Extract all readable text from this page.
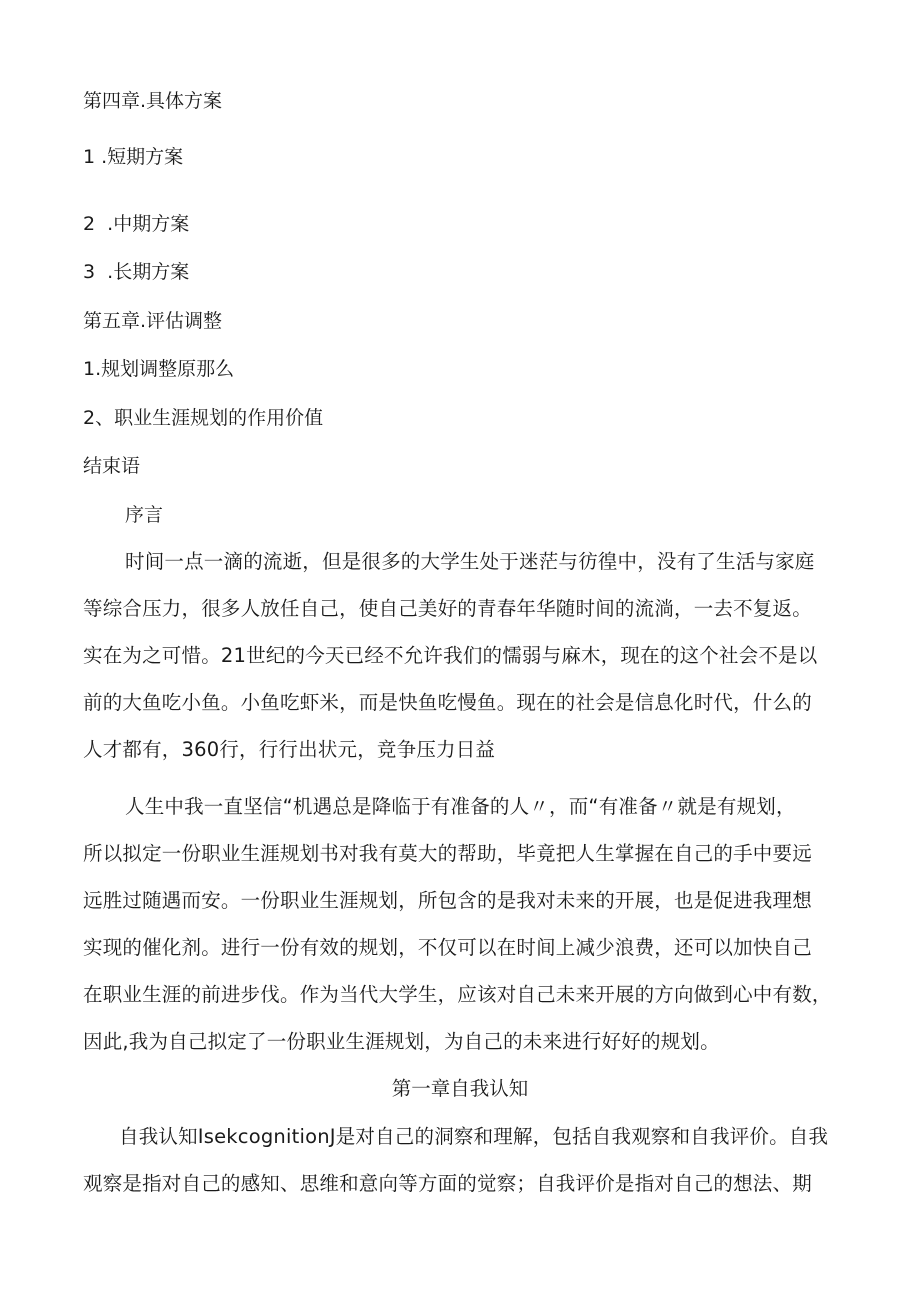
第四章.具体方案
1 .短期方案
2  .中期方案
3  .长期方案
第五章.评估调整
1.规划调整原那么
2、职业生涯规划的作用价值
结束语
序言
时间一点一滴的流逝，但是很多的大学生处于迷茫与彷徨中，没有了生活与家庭
等综合压力，很多人放任自己，使自己美好的青春年华随时间的流淌，一去不复返。
实在为之可惜。21世纪的今天已经不允许我们的懦弱与麻木，现在的这个社会不是以
前的大鱼吃小鱼。小鱼吃虾米，而是快鱼吃慢鱼。现在的社会是信息化时代，什么的
人才都有，360行，行行出状元，竞争压力日益
人生中我一直坚信“机遇总是降临于有准备的人〃，而“有准备〃就是有规划，
所以拟定一份职业生涯规划书对我有莫大的帮助，毕竟把人生掌握在自己的手中要远
远胜过随遇而安。一份职业生涯规划，所包含的是我对未来的开展，也是促进我理想
实现的催化剂。进行一份有效的规划，不仅可以在时间上减少浪费，还可以加快自己
在职业生涯的前进步伐。作为当代大学生，应该对自己未来开展的方向做到心中有数，
因此,我为自己拟定了一份职业生涯规划，为自己的未来进行好好的规划。
第一章自我认知
自我认知IsekcognitionJ是对自己的洞察和理解，包括自我观察和自我评价。自我
观察是指对自己的感知、思维和意向等方面的觉察；自我评价是指对自己的想法、期
